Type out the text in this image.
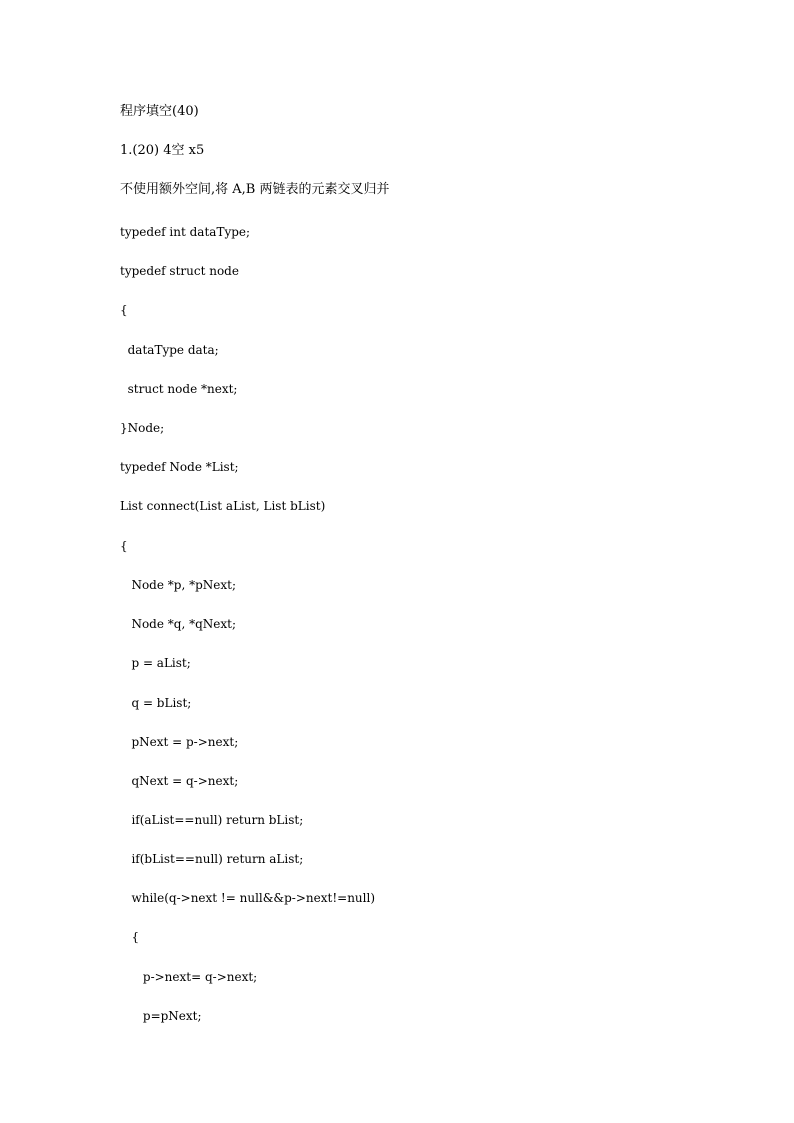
程序填空(40)
1.(20) 4空 x5
不使用额外空间,将 A,B 两链表的元素交叉归并
typedef int dataType;
typedef struct node
{
dataType data;
struct node *next;
}Node;
typedef Node *List;
List connect(List aList, List bList)
{
Node *p, *pNext;
Node *q, *qNext;
p = aList;
q = bList;
pNext = p->next;
qNext = q->next;
if(aList==null) return bList;
if(bList==null) return aList;
while(q->next != null&&p->next!=null)
{
p->next= q->next;
p=pNext;
